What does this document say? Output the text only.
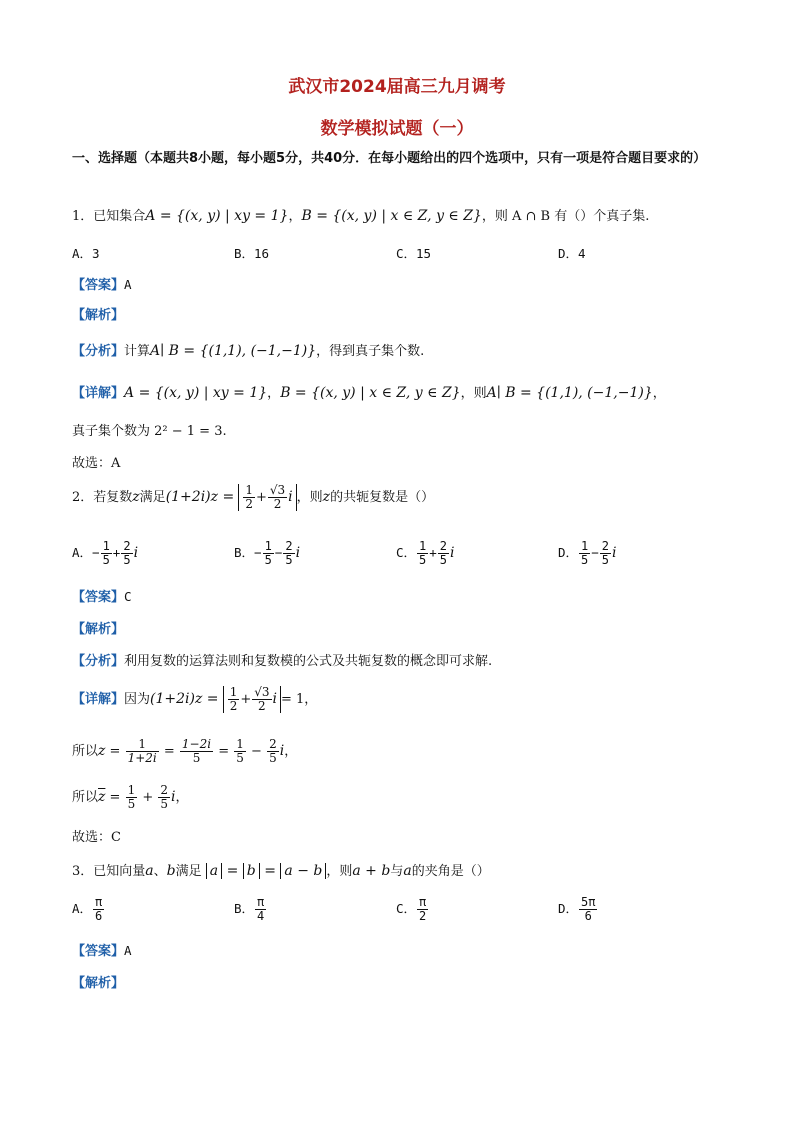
武汉市2024届高三九月调考
数学模拟试题（一）
一、选择题（本题共8小题，每小题5分，共40分．在每小题给出的四个选项中，只有一项是符合题目要求的）
1．已知集合A = {(x, y) | xy = 1}，B = {(x, y) | x ∈ Z, y ∈ Z}，则 A ∩ B 有（）个真子集.
A．3	B．16	C．15	D．4
【答案】A
【解析】
【分析】计算A∣ B = {(1,1), (−1,−1)}，得到真子集个数.
【详解】A = {(x, y) | xy = 1}，B = {(x, y) | x ∈ Z, y ∈ Z}，则A∣ B = {(1,1), (−1,−1)}，
真子集个数为 2² − 1 = 3.
故选：A
2．若复数z满足$(1+2i)z = \frac{1}{2} + \frac{√3}{2}$ i ，则z的共轭复数是（）
A．− $\frac{1}{5} + \frac{2}{5}$ i	B．− $\frac{1}{5} - \frac{2}{5}$ i	C． $\frac{1}{5} + \frac{2}{5}$ i	D． $\frac{1}{5} - \frac{2}{5}$ i
【答案】C
【解析】
【分析】利用复数的运算法则和复数模的公式及共轭复数的概念即可求解.
【详解】因为$(1+2i)z = \frac{1}{2} + \frac{√3}{2}$ i = 1，
所以$z = \frac{1}{1+2i} = \frac{1-2i}{5} = \frac{1}{5} - \frac{2}{5}$ i，
所以$\overline{z} = \frac{1}{5} + \frac{2}{5}$ i，
故选：C
3．已知向量a、b满足 a = b = a − b ，则a + b与a的夹角是（）
A． $\frac{\pi}{6}$	B． $\frac{\pi}{4}$	C． $\frac{\pi}{2}$	D． $\frac{5\pi}{6}$
【答案】A
【解析】
